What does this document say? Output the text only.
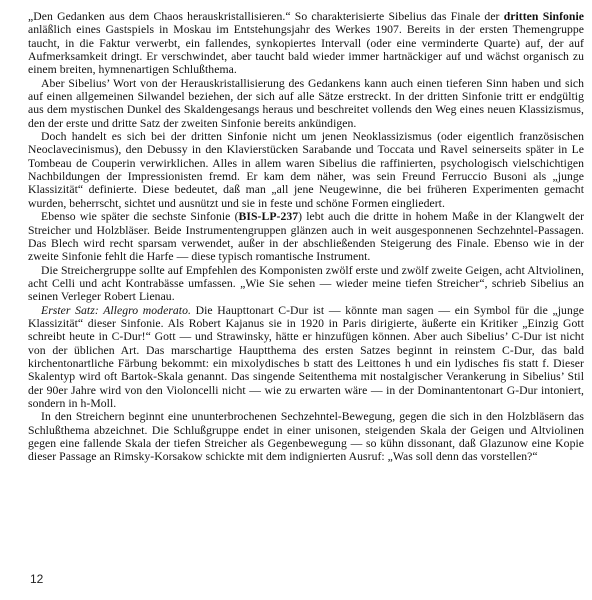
„Den Gedanken aus dem Chaos herauskristallisieren.“ So charakterisierte Sibelius das Finale der dritten Sinfonie anläßlich eines Gastspiels in Moskau im Entstehungsjahr des Werkes 1907. Bereits in der ersten Themengruppe taucht, in die Faktur verwerbt, ein fallendes, synkopiertes Intervall (oder eine verminderte Quarte) auf, der auf Aufmerksamkeit dringt. Er verschwindet, aber taucht bald wieder immer hartnäckiger auf und wächst organisch zu einem breiten, hymnenartigen Schlußthema.

Aber Sibelius’ Wort von der Herauskristallisierung des Gedankens kann auch einen tieferen Sinn haben und sich auf einen allgemeinen Silwandel beziehen, der sich auf alle Sätze erstreckt. In der dritten Sinfonie tritt er endgültig aus dem mystischen Dunkel des Skaldengesangs heraus und beschreitet vollends den Weg eines neuen Klassizismus, den der erste und dritte Satz der zweiten Sinfonie bereits ankündigen.

Doch handelt es sich bei der dritten Sinfonie nicht um jenen Neoklassizismus (oder eigentlich französischen Neoclavecinismus), den Debussy in den Klavierstücken Sarabande und Toccata und Ravel seinerseits später in Le Tombeau de Couperin verwirklichen. Alles in allem waren Sibelius die raffinierten, psychologisch vielschichtigen Nachbildungen der Impressionisten fremd. Er kam dem näher, was sein Freund Ferruccio Busoni als „junge Klassizität“ definierte. Diese bedeutet, daß man „all jene Neugewinne, die bei früheren Experimenten gemacht wurden, beherrscht, sichtet und ausnützt und sie in feste und schöne Formen eingliedert.

Ebenso wie später die sechste Sinfonie (BIS-LP-237) lebt auch die dritte in hohem Maße in der Klangwelt der Streicher und Holzbläser. Beide Instrumentengruppen glänzen auch in weit ausgesponnenen Sechzehntel-Passagen. Das Blech wird recht sparsam verwendet, außer in der abschließenden Steigerung des Finale. Ebenso wie in der zweite Sinfonie fehlt die Harfe — diese typisch romantische Instrument.

Die Streichergruppe sollte auf Empfehlen des Komponisten zwölf erste und zwölf zweite Geigen, acht Altviolinen, acht Celli und acht Kontrabässe umfassen. „Wie Sie sehen — wieder meine tiefen Streicher“, schrieb Sibelius an seinen Verleger Robert Lienau.

Erster Satz: Allegro moderato. Die Haupttonart C-Dur ist — könnte man sagen — ein Symbol für die „junge Klassizität“ dieser Sinfonie. Als Robert Kajanus sie in 1920 in Paris dirigierte, äußerte ein Kritiker „Einzig Gott schreibt heute in C-Dur!“ Gott — und Strawinsky, hätte er hinzufügen können. Aber auch Sibelius’ C-Dur ist nicht von der üblichen Art. Das marschartige Hauptthema des ersten Satzes beginnt in reinstem C-Dur, das bald kirchentonartliche Färbung bekommt: ein mixolydisches b statt des Leittones h und ein lydisches fis statt f. Dieser Skalentyp wird oft Bartok-Skala genannt. Das singende Seitenthema mit nostalgischer Verankerung in Sibelius’ Stil der 90er Jahre wird von den Violoncelli nicht — wie zu erwarten wäre — in der Dominantentonart G-Dur intoniert, sondern in h-Moll.

In den Streichern beginnt eine ununterbrochenen Sechzehntel-Bewegung, gegen die sich in den Holzbläsern das Schlußthema abzeichnet. Die Schlußgruppe endet in einer unisonen, steigenden Skala der Geigen und Altviolinen gegen eine fallende Skala der tiefen Streicher als Gegenbewegung — so kühn dissonant, daß Glazunow eine Kopie dieser Passage an Rimsky-Korsakow schickte mit dem indignierten Ausruf: „Was soll denn das vorstellen?“

12
